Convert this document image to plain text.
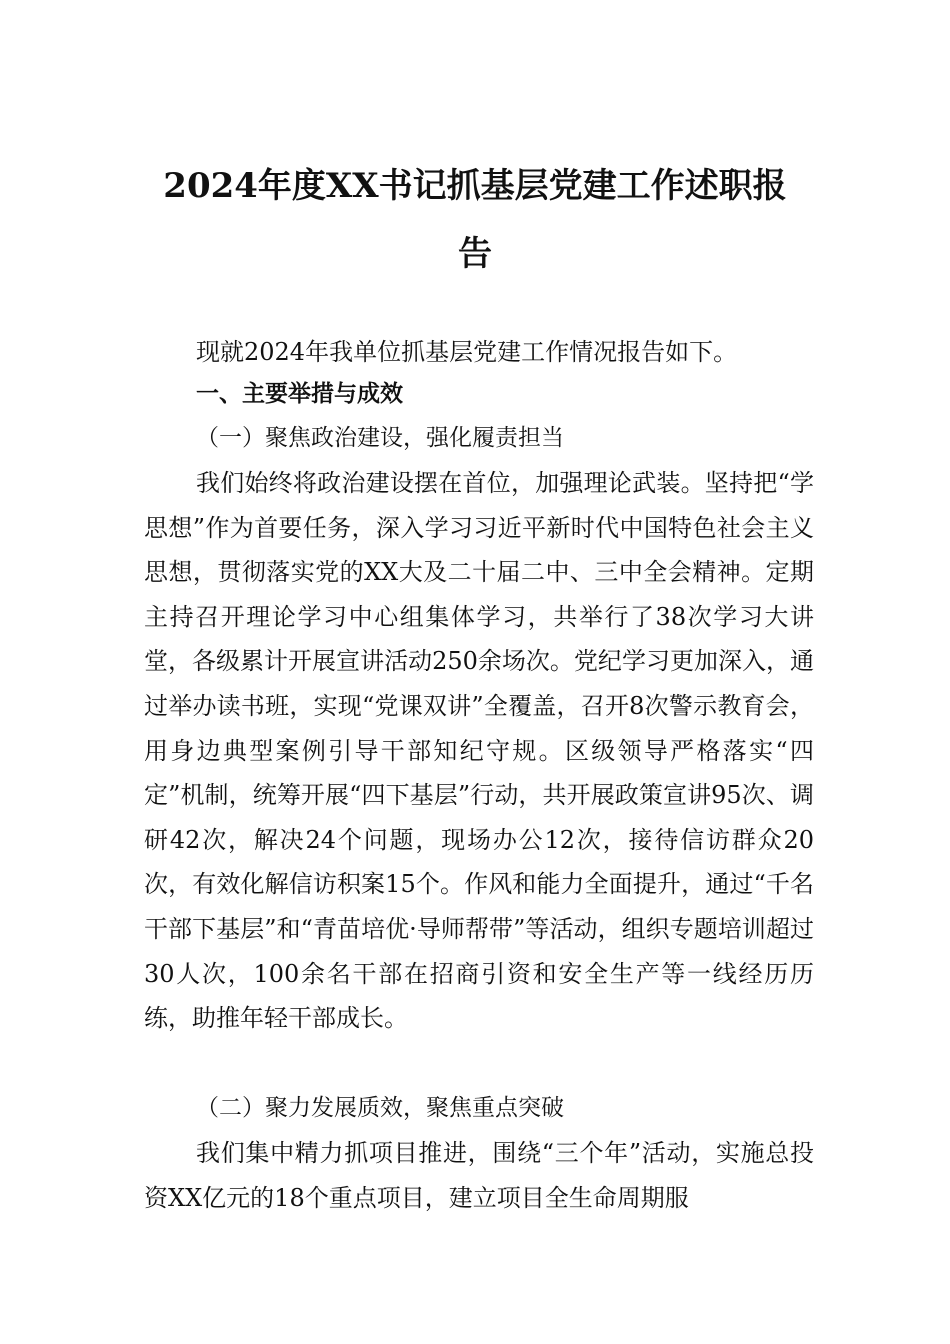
2024年度XX书记抓基层党建工作述职报
告

现就2024年我单位抓基层党建工作情况报告如下。

一、主要举措与成效
（一）聚焦政治建设，强化履责担当

我们始终将政治建设摆在首位，加强理论武装。坚持把“学思想”作为首要任务，深入学习习近平新时代中国特色社会主义思想，贯彻落实党的XX大及二十届二中、三中全会精神。定期主持召开理论学习中心组集体学习，共举行了38次学习大讲堂，各级累计开展宣讲活动250余场次。党纪学习更加深入，通过举办读书班，实现“党课双讲”全覆盖，召开8次警示教育会，用身边典型案例引导干部知纪守规。区级领导严格落实“四定”机制，统筹开展“四下基层”行动，共开展政策宣讲95次、调研42次，解决24个问题，现场办公12次，接待信访群众20次，有效化解信访积案15个。作风和能力全面提升，通过“千名干部下基层”和“青苗培优·导师帮带”等活动，组织专题培训超过30人次，100余名干部在招商引资和安全生产等一线经历历练，助推年轻干部成长。

（二）聚力发展质效，聚焦重点突破

我们集中精力抓项目推进，围绕“三个年”活动，实施总投资XX亿元的18个重点项目，建立项目全生命周期服
